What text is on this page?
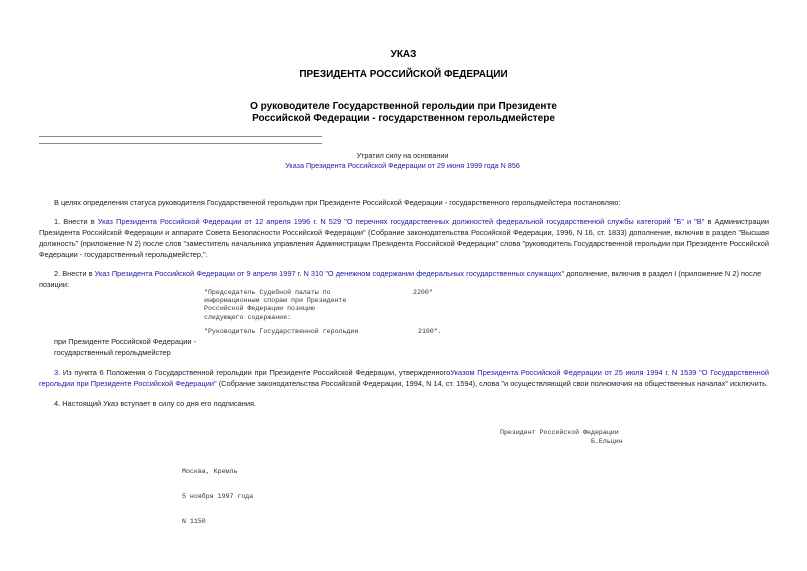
УКАЗ
ПРЕЗИДЕНТА РОССИЙСКОЙ ФЕДЕРАЦИИ
О руководителе Государственной герольдии при Президенте
Российской Федерации - государственном герольдмейстере
Утратил силу на основании
Указа Президента Российской Федерации от 29 июня 1999 года N 856
В целях определения статуса руководителя Государственной герольдии при Президенте Российской Федерации - государственного герольдмейстера постановляю:
1. Внести в Указ Президента Российской Федерации от 12 апреля 1996 г. N 529 "О перечнях государственных должностей федеральной государственной службы категорий "Б" и "В" в Администрации Президента Российской Федерации и аппарате Совета Безопасности Российской Федерации" (Собрание законодательства Российской Федерации, 1996, N 16, ст. 1833) дополнение, включив в раздел "Высшая должность" (приложение N 2) после слов "заместитель начальника управления Администрации Президента Российской Федерации" слова "руководитель Государственной герольдии при Президенте Российской Федерации - государственный герольдмейстер,".
2. Внести в Указ Президента Российской Федерации от 9 апреля 1997 г. N 310 "О денежном содержании федеральных государственных служащих" дополнение, включив в раздел I (приложение N 2) после позиции:
"Председатель Судебной палаты по
информационным спорам при Президенте
Российской Федерации позицию
следующего содержания:
2200"
"Руководитель Государственной герольдии	2100".
при Президенте Российской Федерации -
государственный герольдмейстер
3. Из пункта 6 Положения о Государственной герольдии при Президенте Российской Федерации, утвержденногоУказом Президента Российской Федерации от 25 июля 1994 г. N 1539 "О Государственной герольдии при Президенте Российской Федерации" (Собрание законодательства Российской Федерации, 1994, N 14, ст. 1594), слова "и осуществляющий свои полномочия на общественных началах" исключить.
4. Настоящий Указ вступает в силу со дня его подписания.
Президент Российской Федерации
Б.Ельцин

Москва, Кремль

5 ноября 1997 года

N 1150
